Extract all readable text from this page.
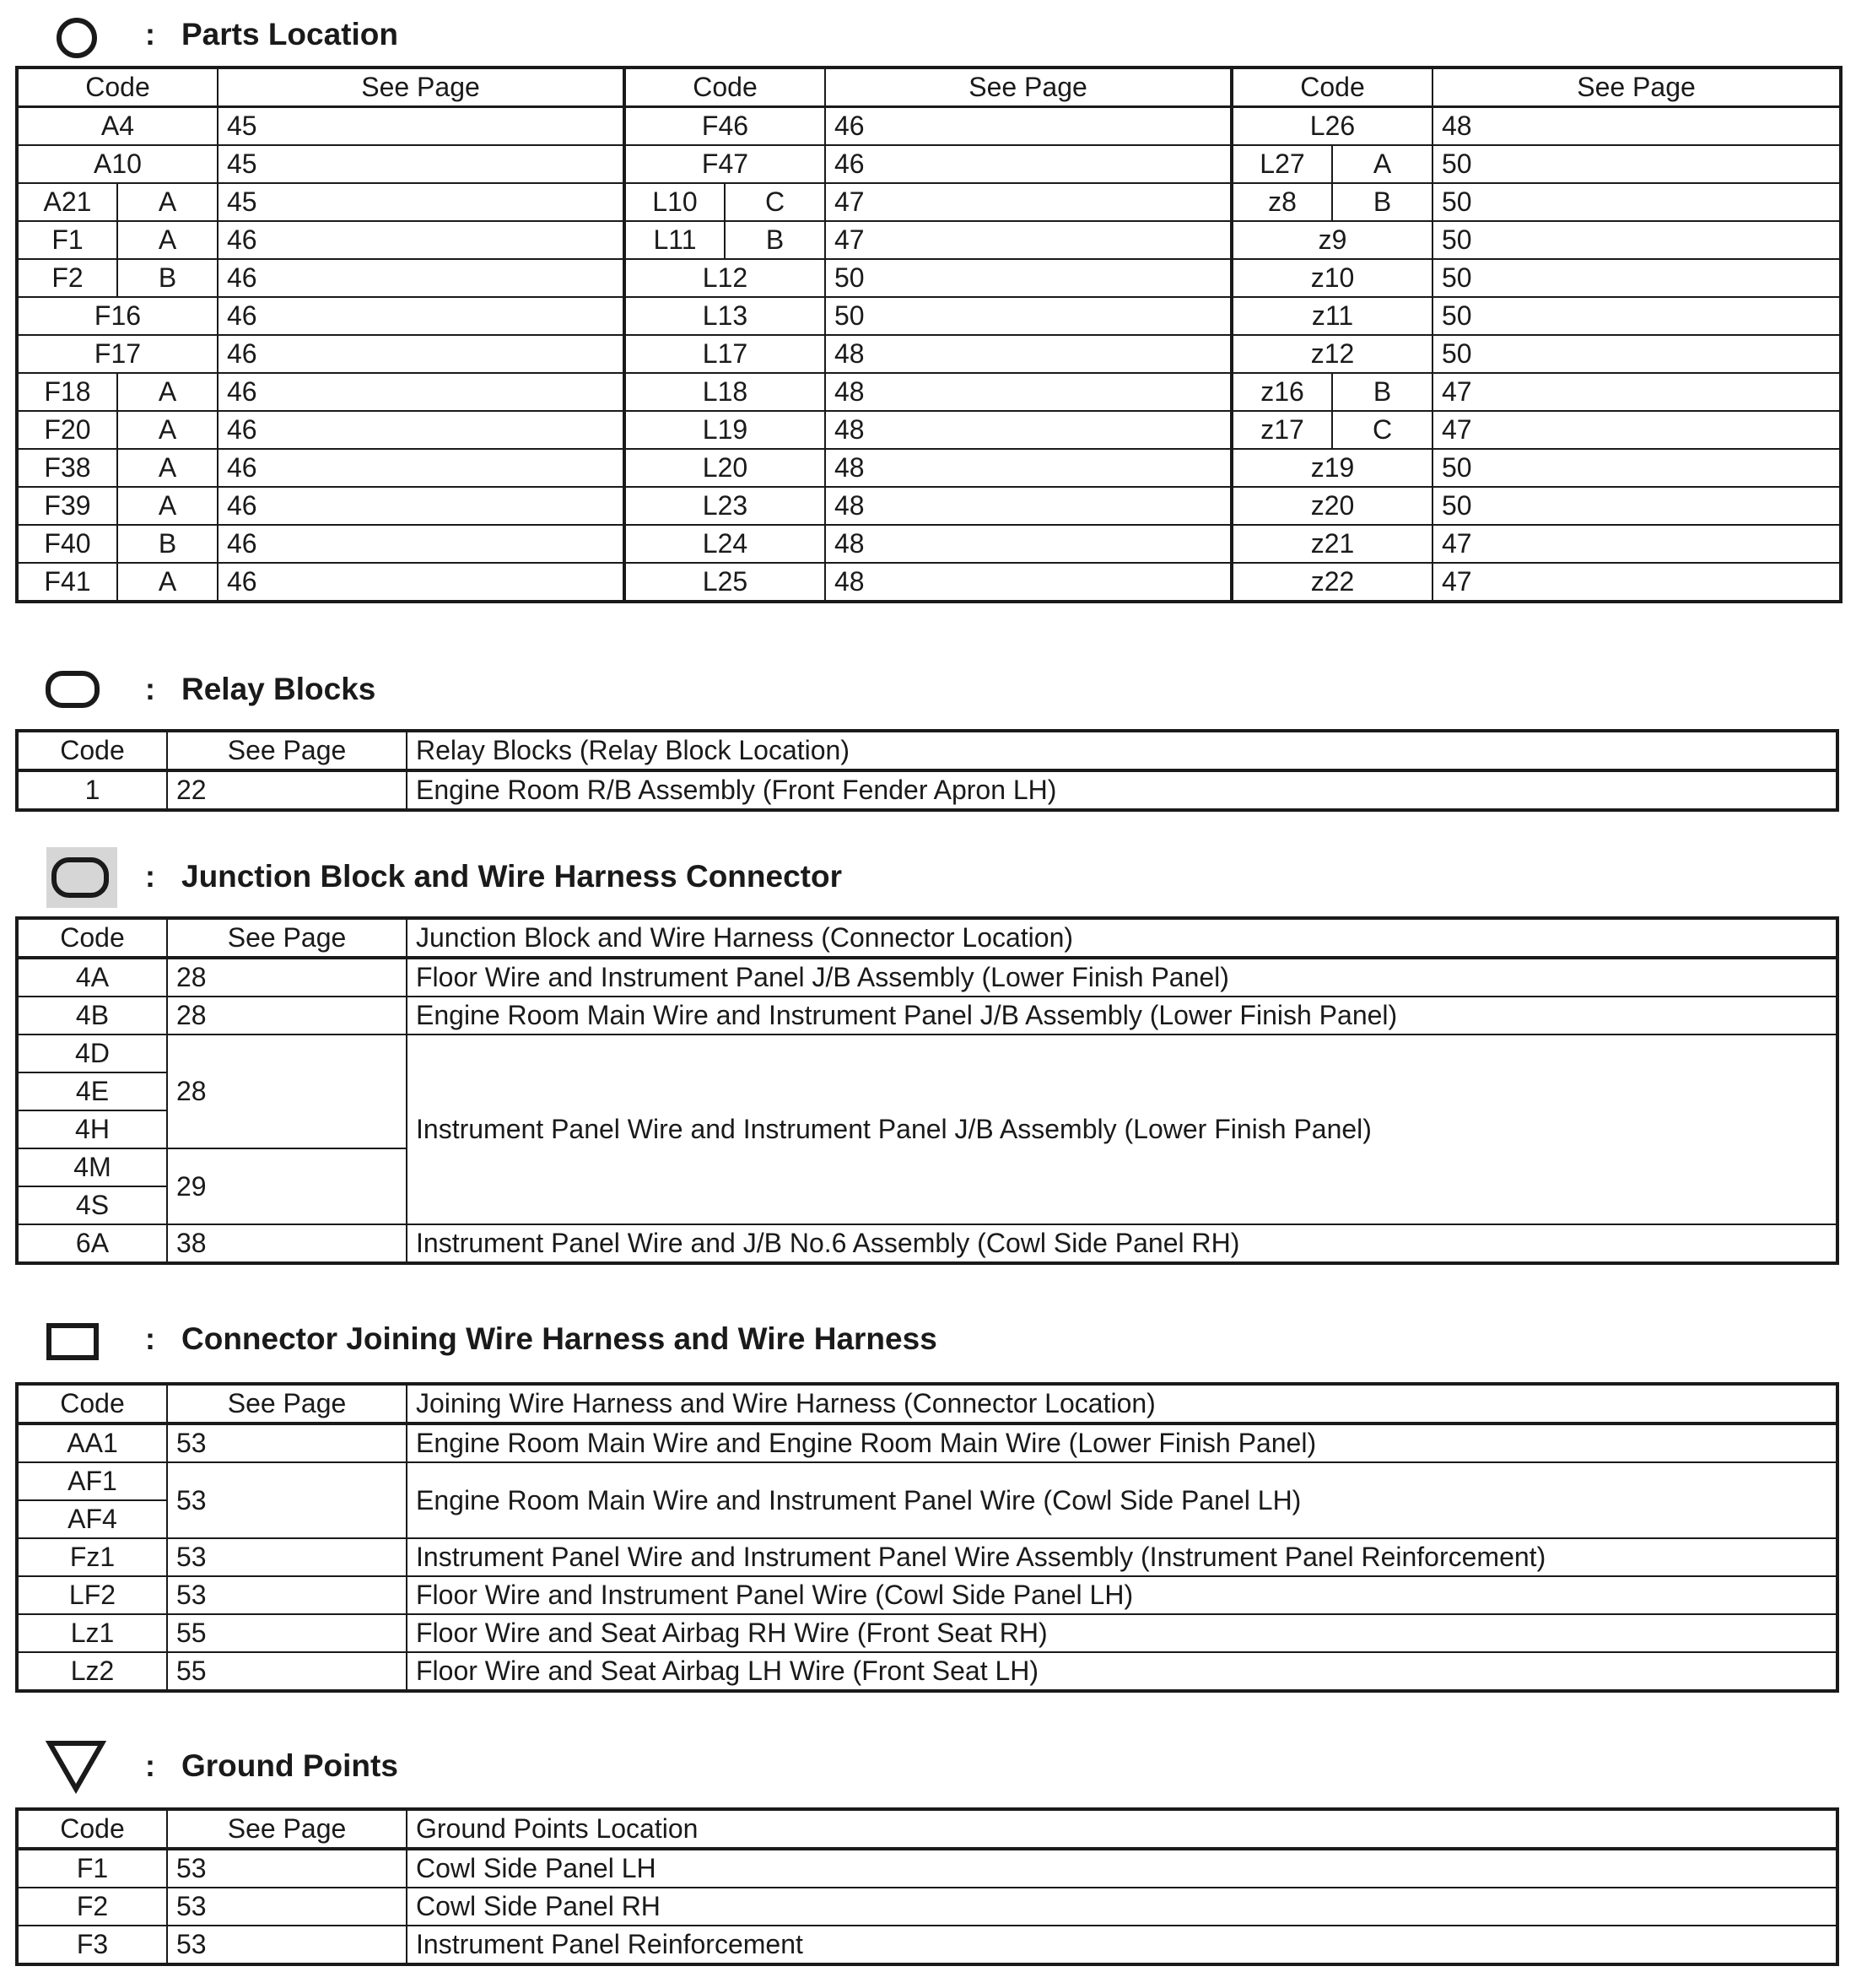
: Parts Location
Code		See Page	Code		See Page	Code		See Page
A4		45	F46		46	L26		48
A10		45	F47		46	L27	A	50
A21	A	45	L10	C	47	z8	B	50
F1	A	46	L11	B	47	z9		50
F2	B	46	L12		50	z10		50
F16		46	L13		50	z11		50
F17		46	L17		48	z12		50
F18	A	46	L18		48	z16	B	47
F20	A	46	L19		48	z17	C	47
F38	A	46	L20		48	z19		50
F39	A	46	L23		48	z20		50
F40	B	46	L24		48	z21		47
F41	A	46	L25		48	z22		47
: Relay Blocks
Code	See Page	Relay Blocks (Relay Block Location)
1	22	Engine Room R/B Assembly (Front Fender Apron LH)
: Junction Block and Wire Harness Connector
Code	See Page	Junction Block and Wire Harness (Connector Location)
4A	28	Floor Wire and Instrument Panel J/B Assembly (Lower Finish Panel)
4B	28	Engine Room Main Wire and Instrument Panel J/B Assembly (Lower Finish Panel)
4D	28	Instrument Panel Wire and Instrument Panel J/B Assembly (Lower Finish Panel)
4E		
4H		
4M	29	
4S		
6A	38	Instrument Panel Wire and J/B No.6 Assembly (Cowl Side Panel RH)
: Connector Joining Wire Harness and Wire Harness
Code	See Page	Joining Wire Harness and Wire Harness (Connector Location)
AA1	53	Engine Room Main Wire and Engine Room Main Wire (Lower Finish Panel)
AF1	53	Engine Room Main Wire and Instrument Panel Wire (Cowl Side Panel LH)
AF4		
Fz1	53	Instrument Panel Wire and Instrument Panel Wire Assembly (Instrument Panel Reinforcement)
LF2	53	Floor Wire and Instrument Panel Wire (Cowl Side Panel LH)
Lz1	55	Floor Wire and Seat Airbag RH Wire (Front Seat RH)
Lz2	55	Floor Wire and Seat Airbag LH Wire (Front Seat LH)
: Ground Points
Code	See Page	Ground Points Location
F1	53	Cowl Side Panel LH
F2	53	Cowl Side Panel RH
F3	53	Instrument Panel Reinforcement
